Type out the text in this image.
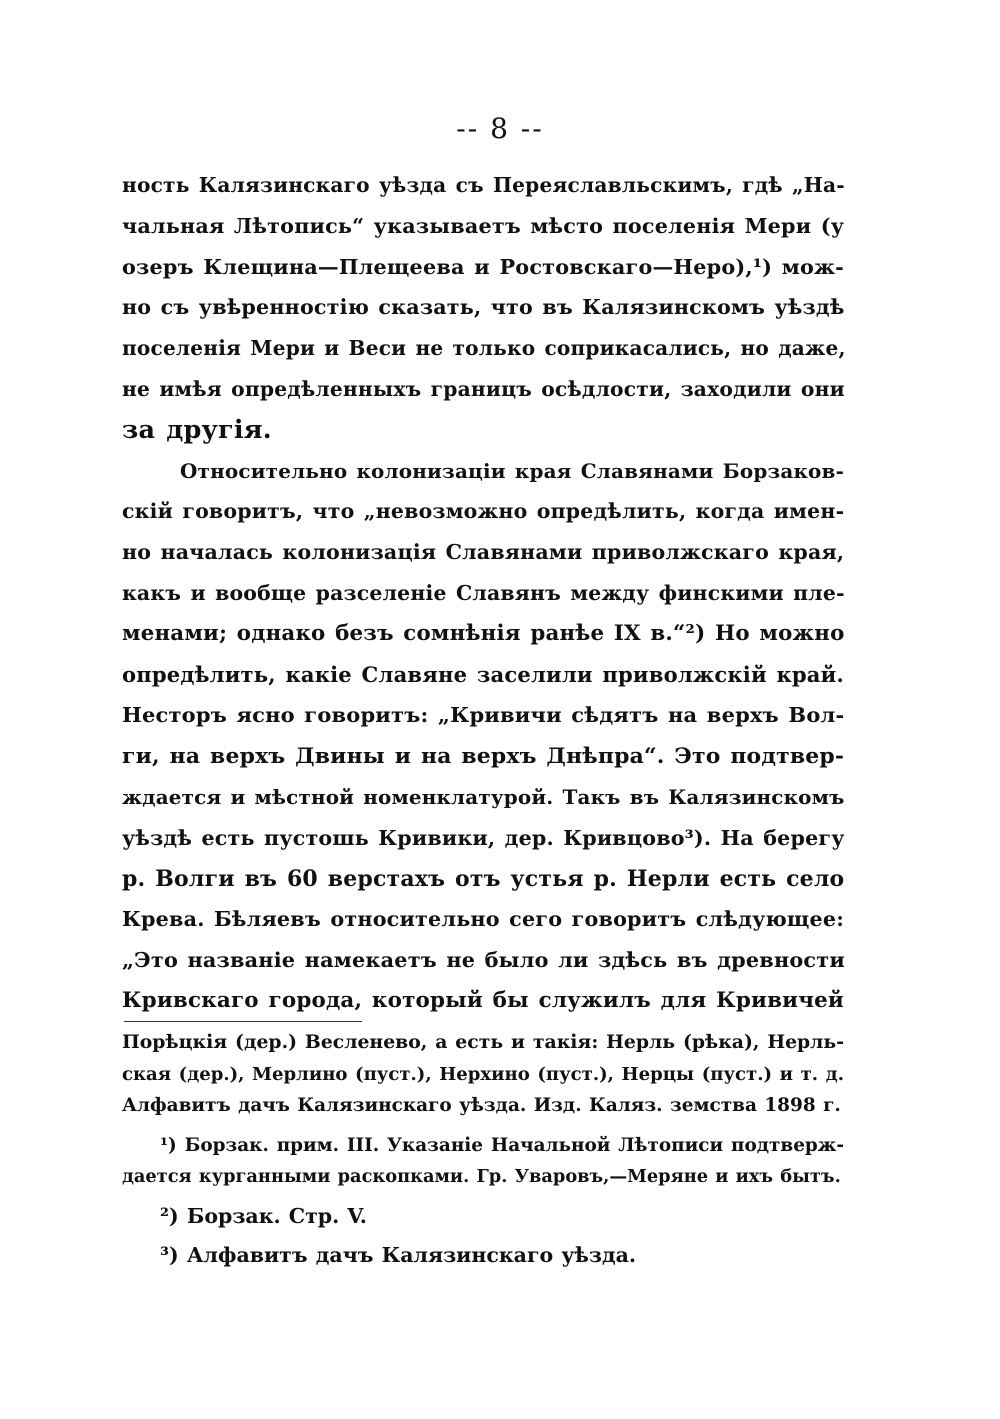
-- 8 --
ность Калязинскаго уѣзда съ Переяславльскимъ, гдѣ „На-
чальная Лѣтопись“ указываетъ мѣсто поселенія Мери (у
озеръ Клещина—Плещеева и Ростовскаго—Неро),¹) мож-
но съ увѣренностію сказать, что въ Калязинскомъ уѣздѣ
поселенія Мери и Веси не только соприкасались, но даже,
не имѣя опредѣленныхъ границъ осѣдлости, заходили они
за другія.
Относительно колонизаціи края Славянами Борзаков-
скій говоритъ, что „невозможно опредѣлить, когда имен-
но началась колонизація Славянами приволжскаго края,
какъ и вообще разселеніе Славянъ между финскими пле-
менами; однако безъ сомнѣнія ранѣе IX в.“²) Но можно
опредѣлить, какіе Славяне заселили приволжскій край.
Несторъ ясно говоритъ: „Кривичи сѣдятъ на верхъ Вол-
ги, на верхъ Двины и на верхъ Днѣпра“. Это подтвер-
ждается и мѣстной номенклатурой. Такъ въ Калязинскомъ
уѣздѣ есть пустошь Кривики, дер. Кривцово³). На берегу
р. Волги въ 60 верстахъ отъ устья р. Нерли есть село
Крева. Бѣляевъ относительно сего говоритъ слѣдующее:
„Это названіе намекаетъ не было ли здѣсь въ древности
Кривскаго города, который бы служилъ для Кривичей
Порѣцкія (дер.) Весленево, а есть и такія: Нерль (рѣка), Нерль-
ская (дер.), Мерлино (пуст.), Нерхино (пуст.), Нерцы (пуст.) и т. д.
Алфавитъ дачъ Калязинскаго уѣзда. Изд. Каляз. земства 1898 г.
¹) Борзак. прим. III. Указаніе Начальной Лѣтописи подтверж-
дается курганными раскопками. Гр. Уваровъ,—Меряне и ихъ бытъ.
²) Борзак. Стр. V.
³) Алфавитъ дачъ Калязинскаго уѣзда.
